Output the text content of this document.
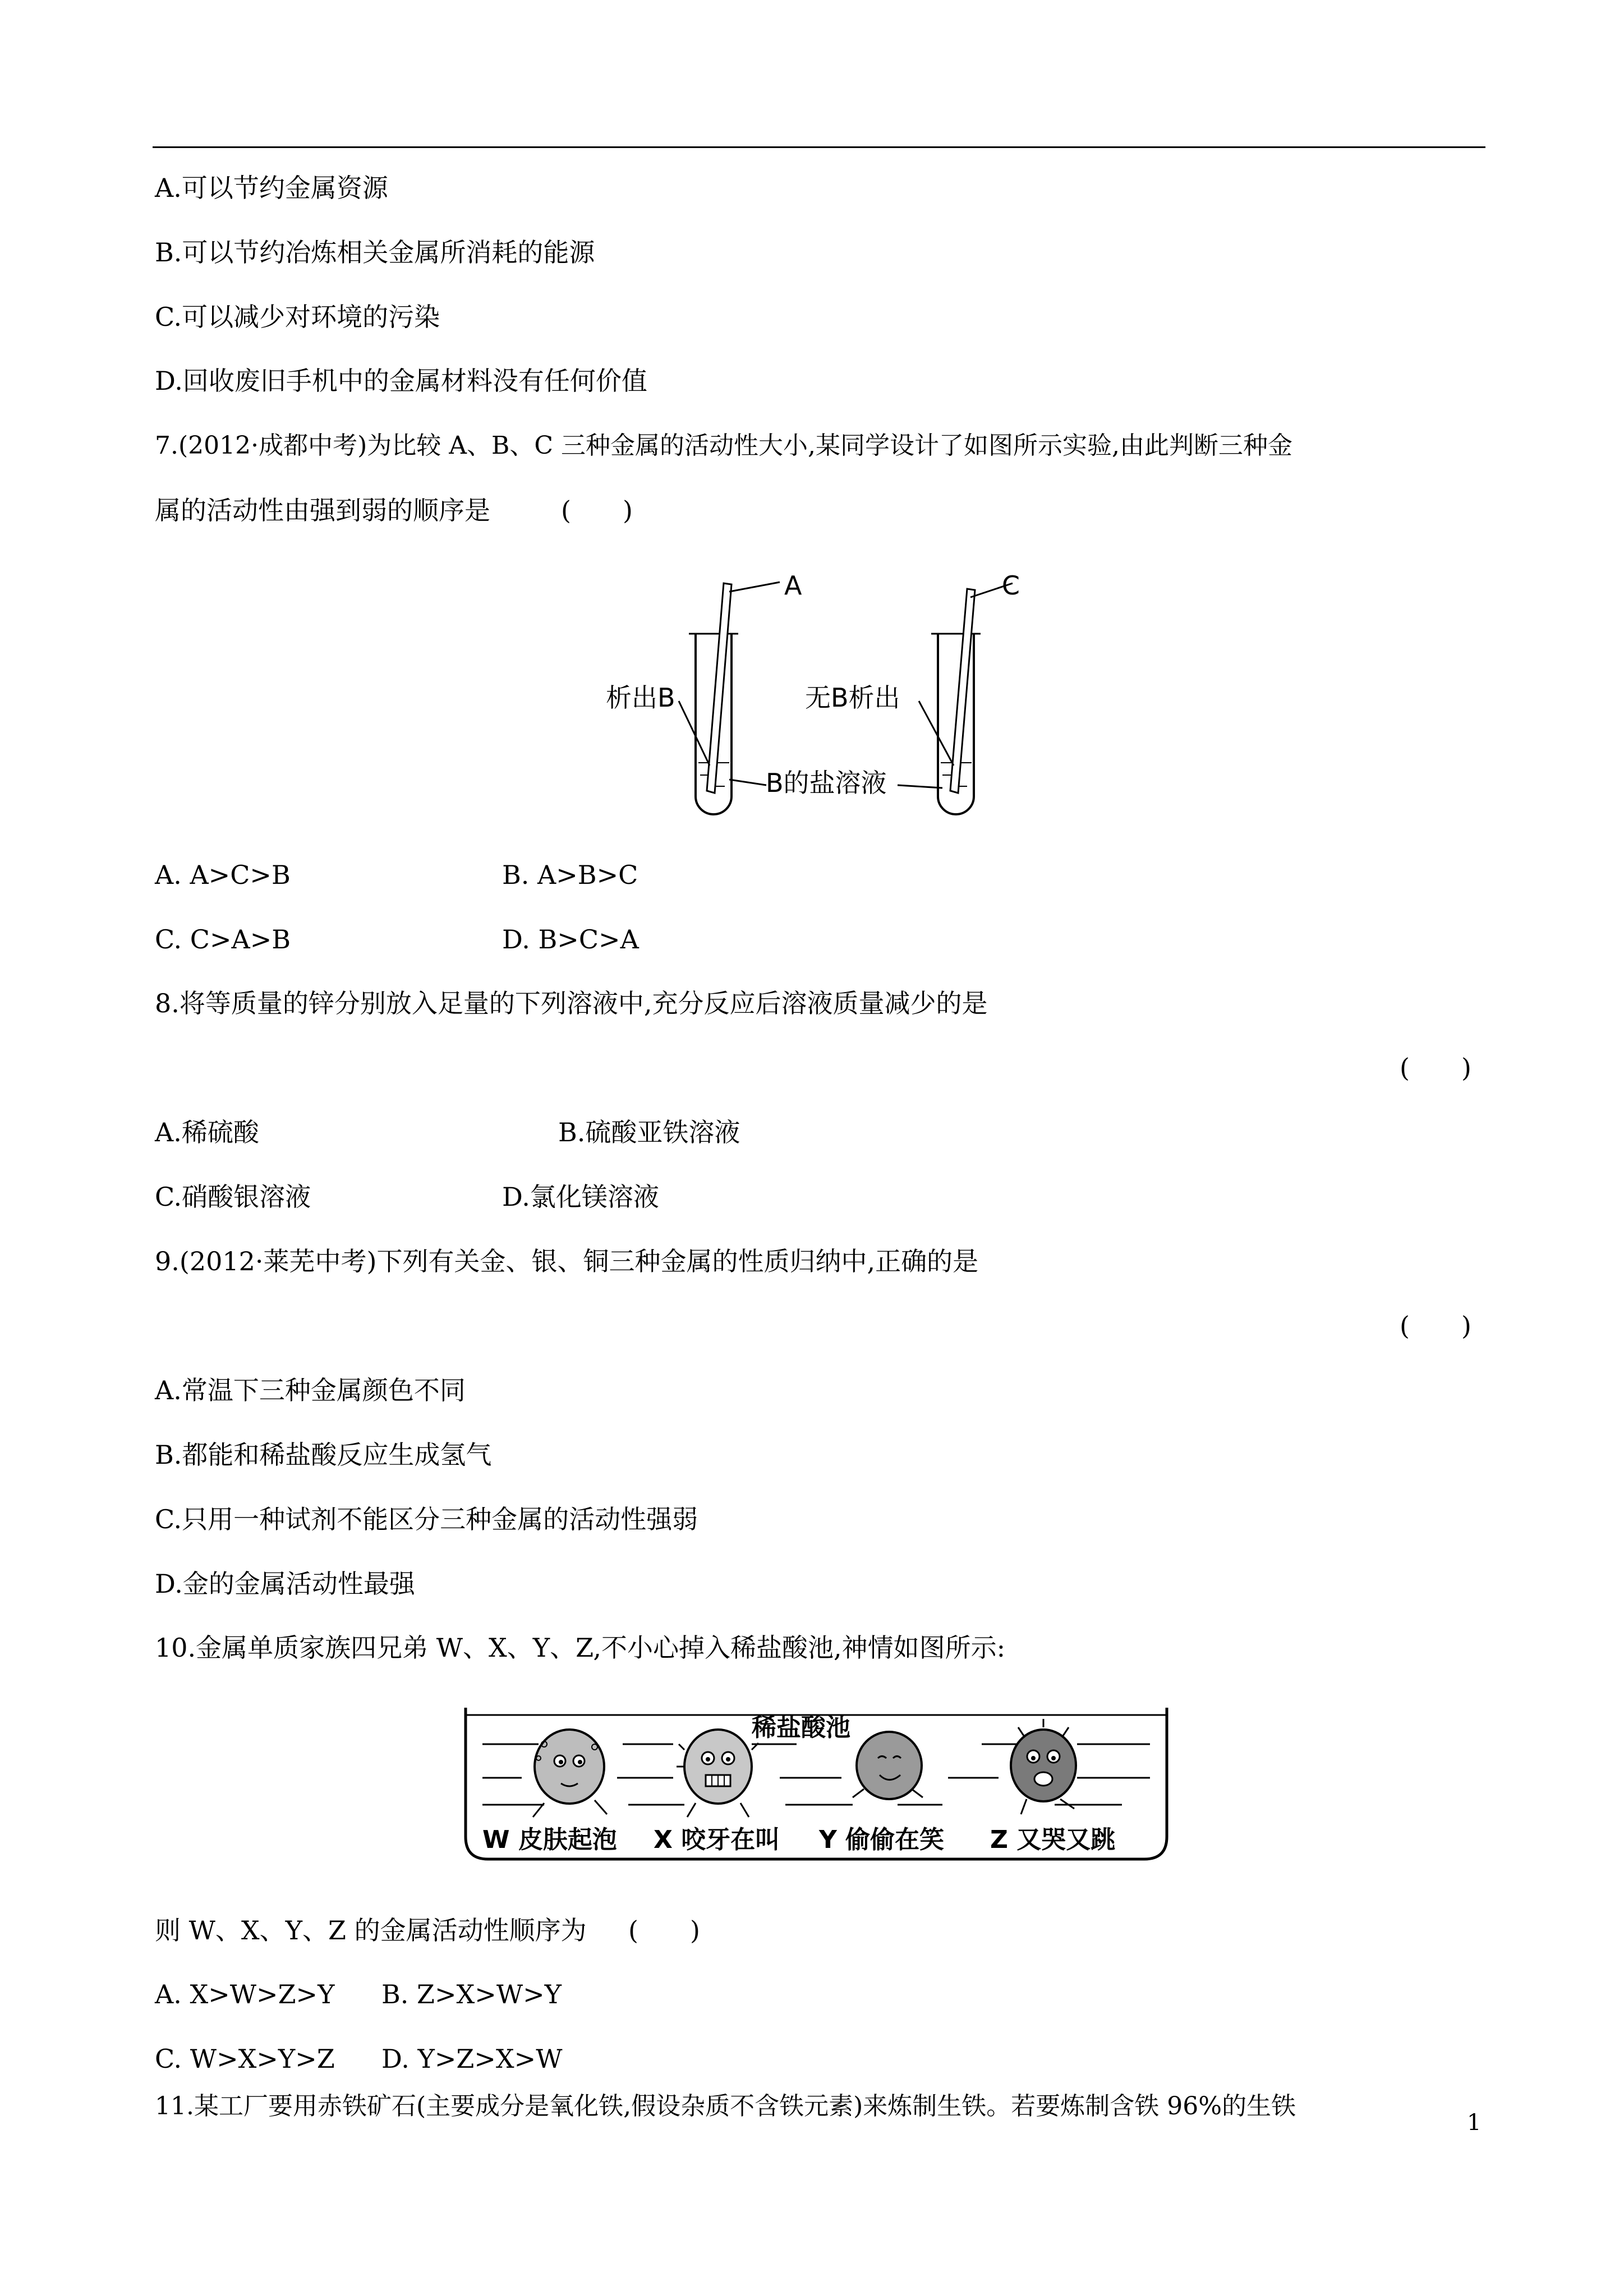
A.可以节约金属资源
B.可以节约冶炼相关金属所消耗的能源
C.可以减少对环境的污染
D.回收废旧手机中的金属材料没有任何价值
7.(2012·成都中考)为比较 A、B、C 三种金属的活动性大小,某同学设计了如图所示实验,由此判断三种金
属的活动性由强到弱的顺序是	(　　)
A
析出B
B的盐溶液
C
无B析出
A. A>C>B	B. A>B>C
C. C>A>B	D. B>C>A
8.将等质量的锌分别放入足量的下列溶液中,充分反应后溶液质量减少的是
(　　)
A.稀硫酸	B.硫酸亚铁溶液
C.硝酸银溶液	D.氯化镁溶液
9.(2012·莱芜中考)下列有关金、银、铜三种金属的性质归纳中,正确的是
(　　)
A.常温下三种金属颜色不同
B.都能和稀盐酸反应生成氢气
C.只用一种试剂不能区分三种金属的活动性强弱
D.金的金属活动性最强
10.金属单质家族四兄弟 W、X、Y、Z,不小心掉入稀盐酸池,神情如图所示:
稀盐酸池
W 皮肤起泡 X 咬牙在叫 Y 偷偷在笑 Z 又哭又跳
则 W、X、Y、Z 的金属活动性顺序为 (　　)
A. X>W>Z>Y B. Z>X>W>Y
C. W>X>Y>Z D. Y>Z>X>W
11.某工厂要用赤铁矿石(主要成分是氧化铁,假设杂质不含铁元素)来炼制生铁。若要炼制含铁 96%的生铁
1
